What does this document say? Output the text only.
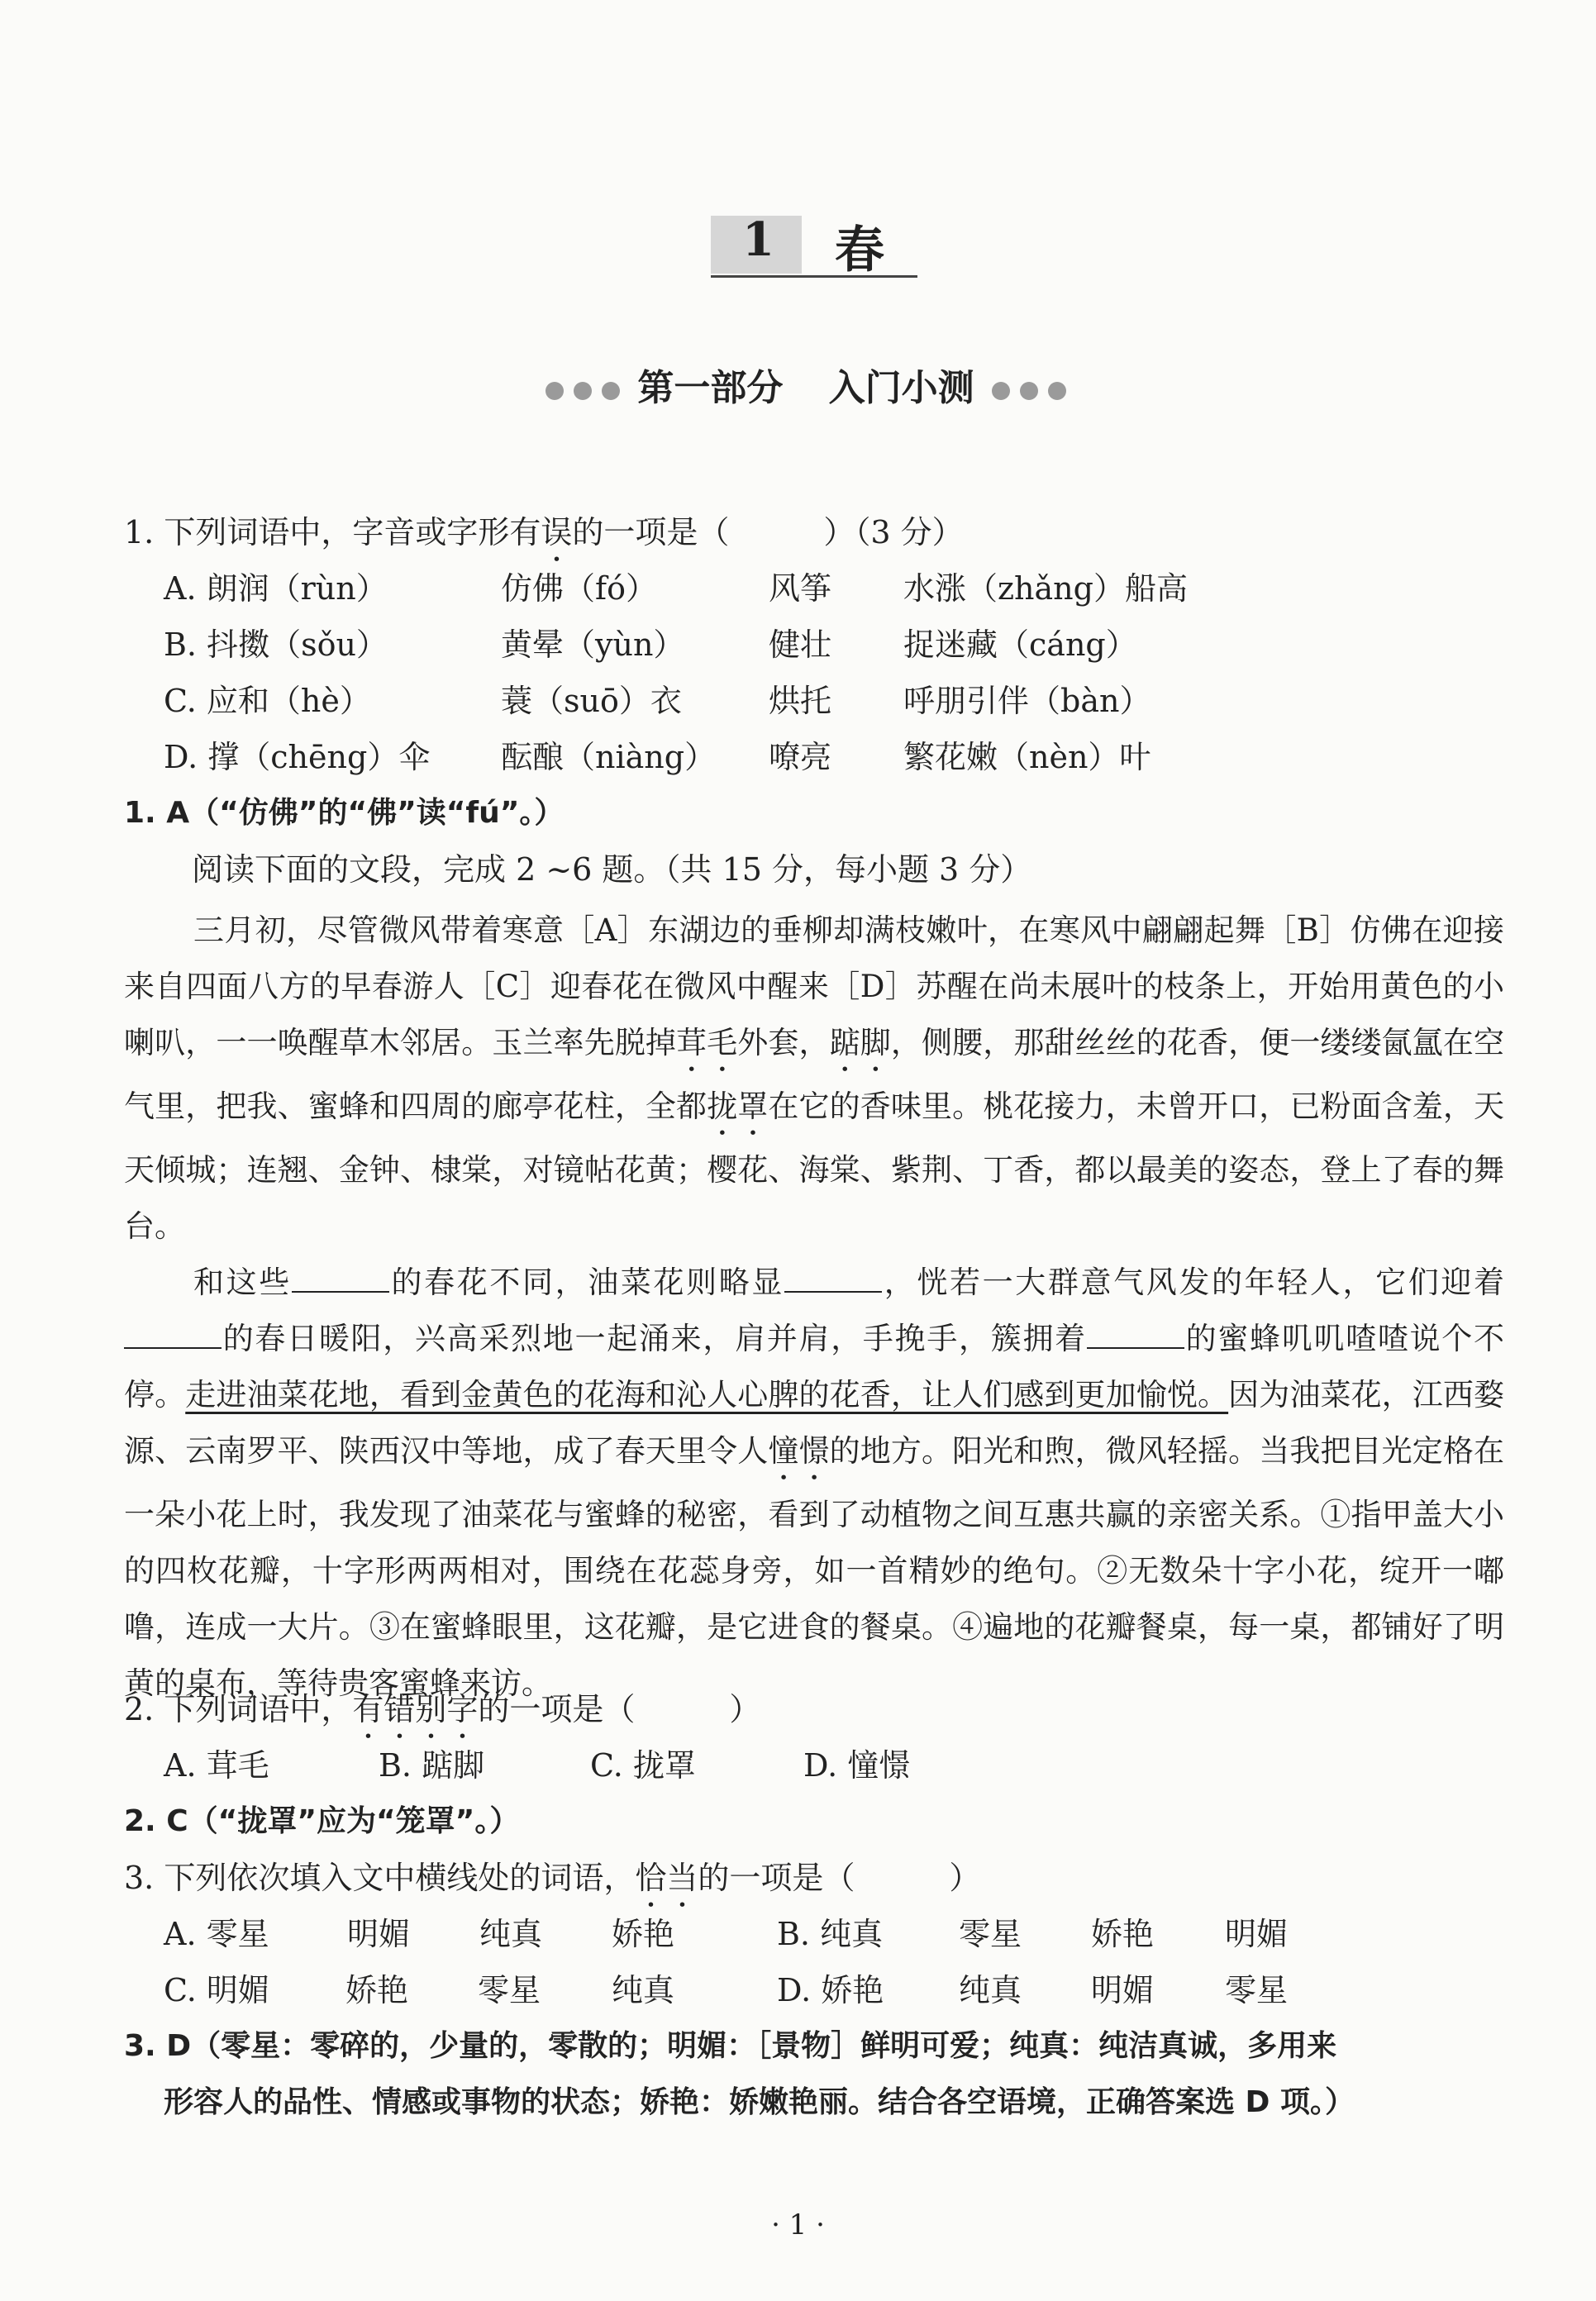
1 春
第一部分 入门小测
1. 下列词语中，字音或字形有误的一项是（　　　）（3 分）
A. 朗润（rùn）	仿佛（fó）	风筝 水涨（zhǎng）船高
B. 抖擞（sǒu）	黄晕（yùn）	健壮 捉迷藏（cáng）
C. 应和（hè）	蓑（suō）衣	烘托 呼朋引伴（bàn）
D. 撑（chēng）伞 酝酿（niàng） 嘹亮 繁花嫩（nèn）叶
1. A（“仿佛”的“佛”读“fú”。）
阅读下面的文段，完成 2 ~6 题。（共 15 分，每小题 3 分）

三月初，尽管微风带着寒意［A］东湖边的垂柳却满枝嫩叶，在寒风中翩翩起舞［B］仿佛在迎接来自四面八方的早春游人［C］迎春花在微风中醒来［D］苏醒在尚未展叶的枝条上，开始用黄色的小喇叭，一一唤醒草木邻居。玉兰率先脱掉茸毛外套，踮脚，侧腰，那甜丝丝的花香，便一缕缕氤氲在空气里，把我、蜜蜂和四周的廊亭花柱，全都拢罩在它的香味里。桃花接力，未曾开口，已粉面含羞，天天倾城；连翘、金钟、棣棠，对镜帖花黄；樱花、海棠、紫荆、丁香，都以最美的姿态，登上了春的舞台。

和这些	的春花不同，油菜花则略显	，恍若一大群意气风发的年轻人，它们迎着的春日暖阳，兴高采烈地一起涌来，肩并肩，手挽手，簇拥着	的蜜蜂叽叽喳喳说个不停。走进油菜花地，看到金黄色的花海和沁人心脾的花香，让人们感到更加愉悦。因为油菜花，江西婺源、云南罗平、陕西汉中等地，成了春天里令人憧憬的地方。阳光和煦，微风轻摇。当我把目光定格在一朵小花上时，我发现了油菜花与蜜蜂的秘密，看到了动植物之间互惠共赢的亲密关系。①指甲盖大小的四枚花瓣，十字形两两相对，围绕在花蕊身旁，如一首精妙的绝句。②无数朵十字小花，绽开一嘟噜，连成一大片。③在蜜蜂眼里，这花瓣，是它进食的餐桌。④遍地的花瓣餐桌，每一桌，都铺好了明黄的桌布，等待贵客蜜蜂来访。

2. 下列词语中，有错别字的一项是（　　　）
A. 茸毛	B. 踮脚	C. 拢罩	D. 憧憬
2. C（“拢罩”应为“笼罩”。）
3. 下列依次填入文中横线处的词语，恰当的一项是（　　　）
A. 零星 明媚 纯真 娇艳	B. 纯真 零星 娇艳 明媚
C. 明媚 娇艳 零星 纯真	D. 娇艳 纯真 明媚 零星
3. D（零星：零碎的，少量的，零散的；明媚：［景物］鲜明可爱；纯真：纯洁真诚，多用来
形容人的品性、情感或事物的状态；娇艳：娇嫩艳丽。结合各空语境，正确答案选 D 项。）
· 1 ·
